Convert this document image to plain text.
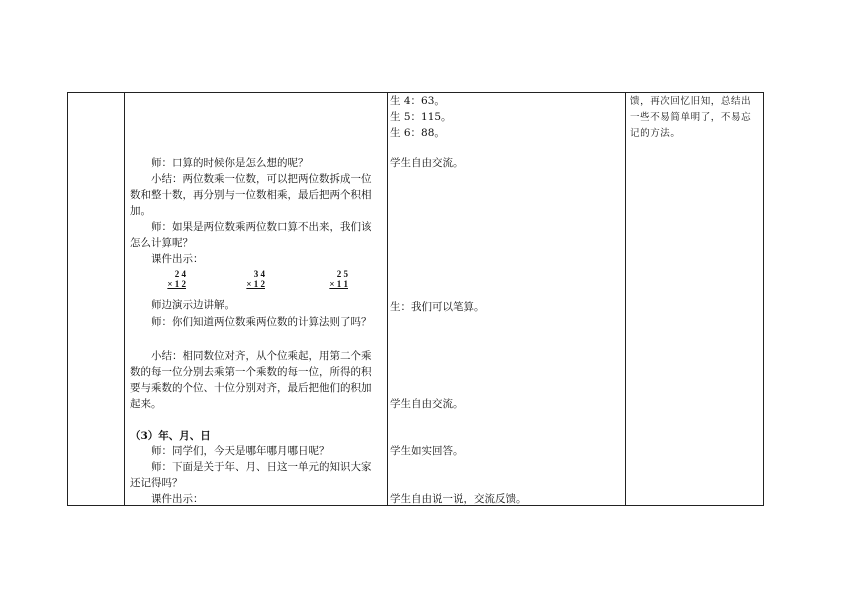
师：口算的时候你是怎么想的呢？
小结：两位数乘一位数，可以把两位数拆成一位
数和整十数，再分别与一位数相乘，最后把两个积相
加。
师：如果是两位数乘两位数口算不出来，我们该
怎么计算呢？
课件出示：
2 4
× 1 2
3 4
× 1 2
2 5
× 1 1
师边演示边讲解。
师：你们知道两位数乘两位数的计算法则了吗？
小结：相同数位对齐，从个位乘起，用第二个乘
数的每一位分别去乘第一个乘数的每一位，所得的积
要与乘数的个位、十位分别对齐，最后把他们的积加
起来。
（3）年、月、日
师：同学们，今天是哪年哪月哪日呢？
师：下面是关于年、月、日这一单元的知识大家
还记得吗？
课件出示：
生 4：63。
生 5：115。
生 6：88。
学生自由交流。
生：我们可以笔算。
学生自由交流。
学生如实回答。
学生自由说一说，交流反馈。
馈，再次回忆旧知，总结出
一些不易简单明了，不易忘
记的方法。
